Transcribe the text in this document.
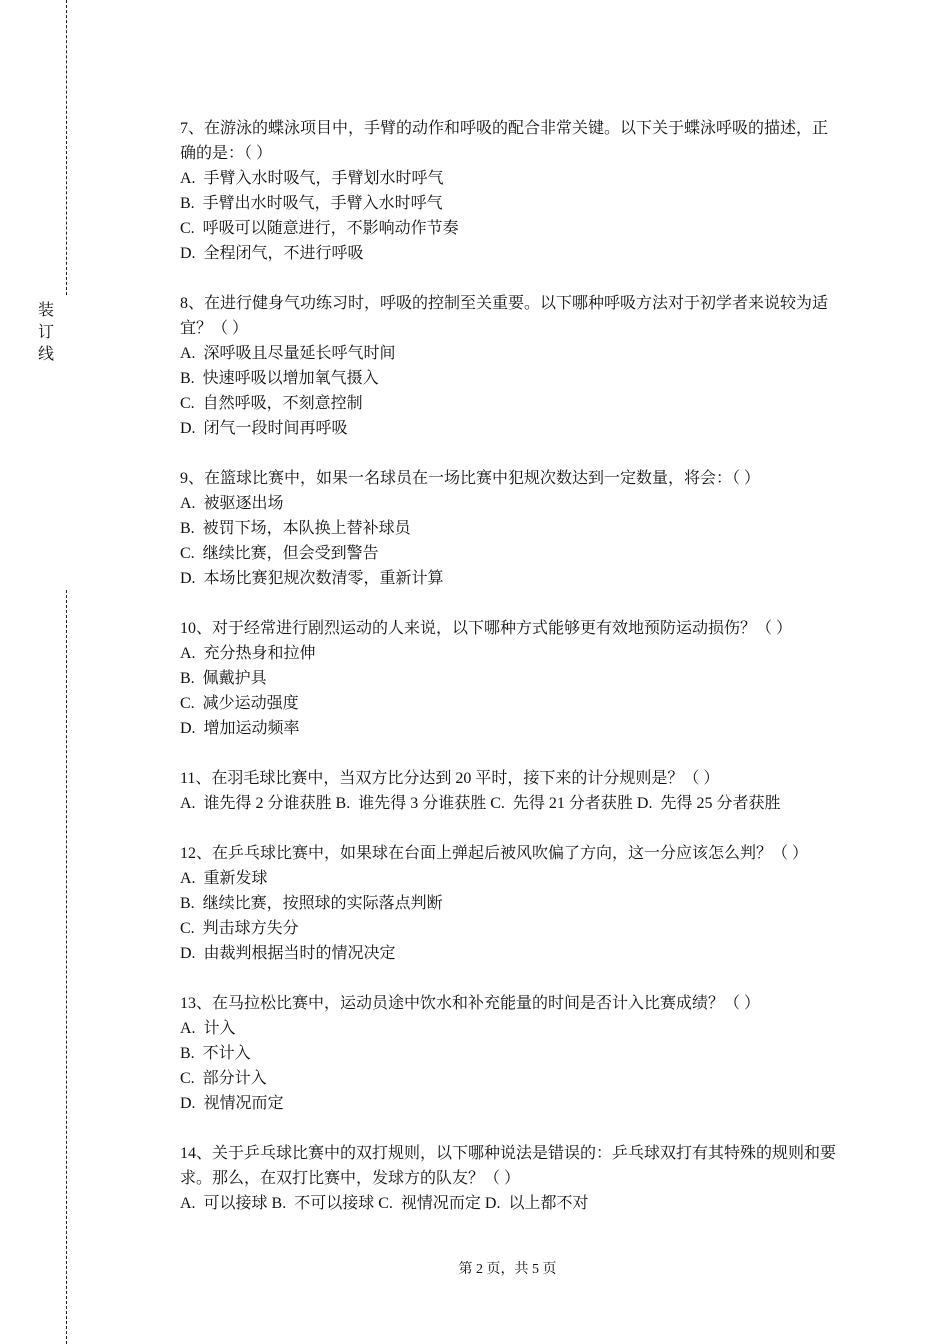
装订线

7、在游泳的蝶泳项目中，手臂的动作和呼吸的配合非常关键。以下关于蝶泳呼吸的描述，正确的是：（ ）

A.  手臂入水时吸气，手臂划水时呼气

B.  手臂出水时吸气，手臂入水时呼气

C.  呼吸可以随意进行，不影响动作节奏

D.  全程闭气，不进行呼吸

8、在进行健身气功练习时，呼吸的控制至关重要。以下哪种呼吸方法对于初学者来说较为适宜？（ ）

A.  深呼吸且尽量延长呼气时间

B.  快速呼吸以增加氧气摄入

C.  自然呼吸，不刻意控制

D.  闭气一段时间再呼吸

9、在篮球比赛中，如果一名球员在一场比赛中犯规次数达到一定数量，将会：（ ）

A.  被驱逐出场

B.  被罚下场，本队换上替补球员

C.  继续比赛，但会受到警告

D.  本场比赛犯规次数清零，重新计算

10、对于经常进行剧烈运动的人来说，以下哪种方式能够更有效地预防运动损伤？（ ）

A.  充分热身和拉伸

B.  佩戴护具

C.  减少运动强度

D.  增加运动频率

11、在羽毛球比赛中，当双方比分达到 20 平时，接下来的计分规则是？（ ）

A.  谁先得 2 分谁获胜 B.  谁先得 3 分谁获胜 C.  先得 21 分者获胜 D.  先得 25 分者获胜

12、在乒乓球比赛中，如果球在台面上弹起后被风吹偏了方向，这一分应该怎么判？（ ）

A.  重新发球

B.  继续比赛，按照球的实际落点判断

C.  判击球方失分

D.  由裁判根据当时的情况决定

13、在马拉松比赛中，运动员途中饮水和补充能量的时间是否计入比赛成绩？（ ）

A.  计入

B.  不计入

C.  部分计入

D.  视情况而定

14、关于乒乓球比赛中的双打规则，以下哪种说法是错误的：乒乓球双打有其特殊的规则和要求。那么，在双打比赛中，发球方的队友？（ ）

A.  可以接球 B.  不可以接球 C.  视情况而定 D.  以上都不对

第 2 页，共 5 页
